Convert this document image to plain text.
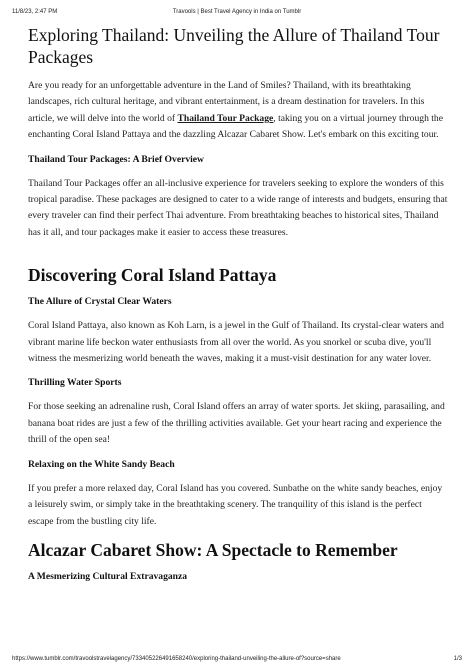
11/8/23, 2:47 PM	Travools | Best Travel Agency in India on Tumblr
Exploring Thailand: Unveiling the Allure of Thailand Tour Packages

Are you ready for an unforgettable adventure in the Land of Smiles? Thailand, with its breathtaking landscapes, rich cultural heritage, and vibrant entertainment, is a dream destination for travelers. In this article, we will delve into the world of Thailand Tour Package, taking you on a virtual journey through the enchanting Coral Island Pattaya and the dazzling Alcazar Cabaret Show. Let's embark on this exciting tour.

Thailand Tour Packages: A Brief Overview

Thailand Tour Packages offer an all-inclusive experience for travelers seeking to explore the wonders of this tropical paradise. These packages are designed to cater to a wide range of interests and budgets, ensuring that every traveler can find their perfect Thai adventure. From breathtaking beaches to historical sites, Thailand has it all, and tour packages make it easier to access these treasures.

Discovering Coral Island Pattaya
The Allure of Crystal Clear Waters

Coral Island Pattaya, also known as Koh Larn, is a jewel in the Gulf of Thailand. Its crystal-clear waters and vibrant marine life beckon water enthusiasts from all over the world. As you snorkel or scuba dive, you'll witness the mesmerizing world beneath the waves, making it a must-visit destination for any water lover.

Thrilling Water Sports

For those seeking an adrenaline rush, Coral Island offers an array of water sports. Jet skiing, parasailing, and banana boat rides are just a few of the thrilling activities available. Get your heart racing and experience the thrill of the open sea!

Relaxing on the White Sandy Beach

If you prefer a more relaxed day, Coral Island has you covered. Sunbathe on the white sandy beaches, enjoy a leisurely swim, or simply take in the breathtaking scenery. The tranquility of this island is the perfect escape from the bustling city life.

Alcazar Cabaret Show: A Spectacle to Remember
A Mesmerizing Cultural Extravaganza
https://www.tumblr.com/travoolstravelagency/733405226491658240/exploring-thailand-unveiling-the-allure-of?source=share	1/3
